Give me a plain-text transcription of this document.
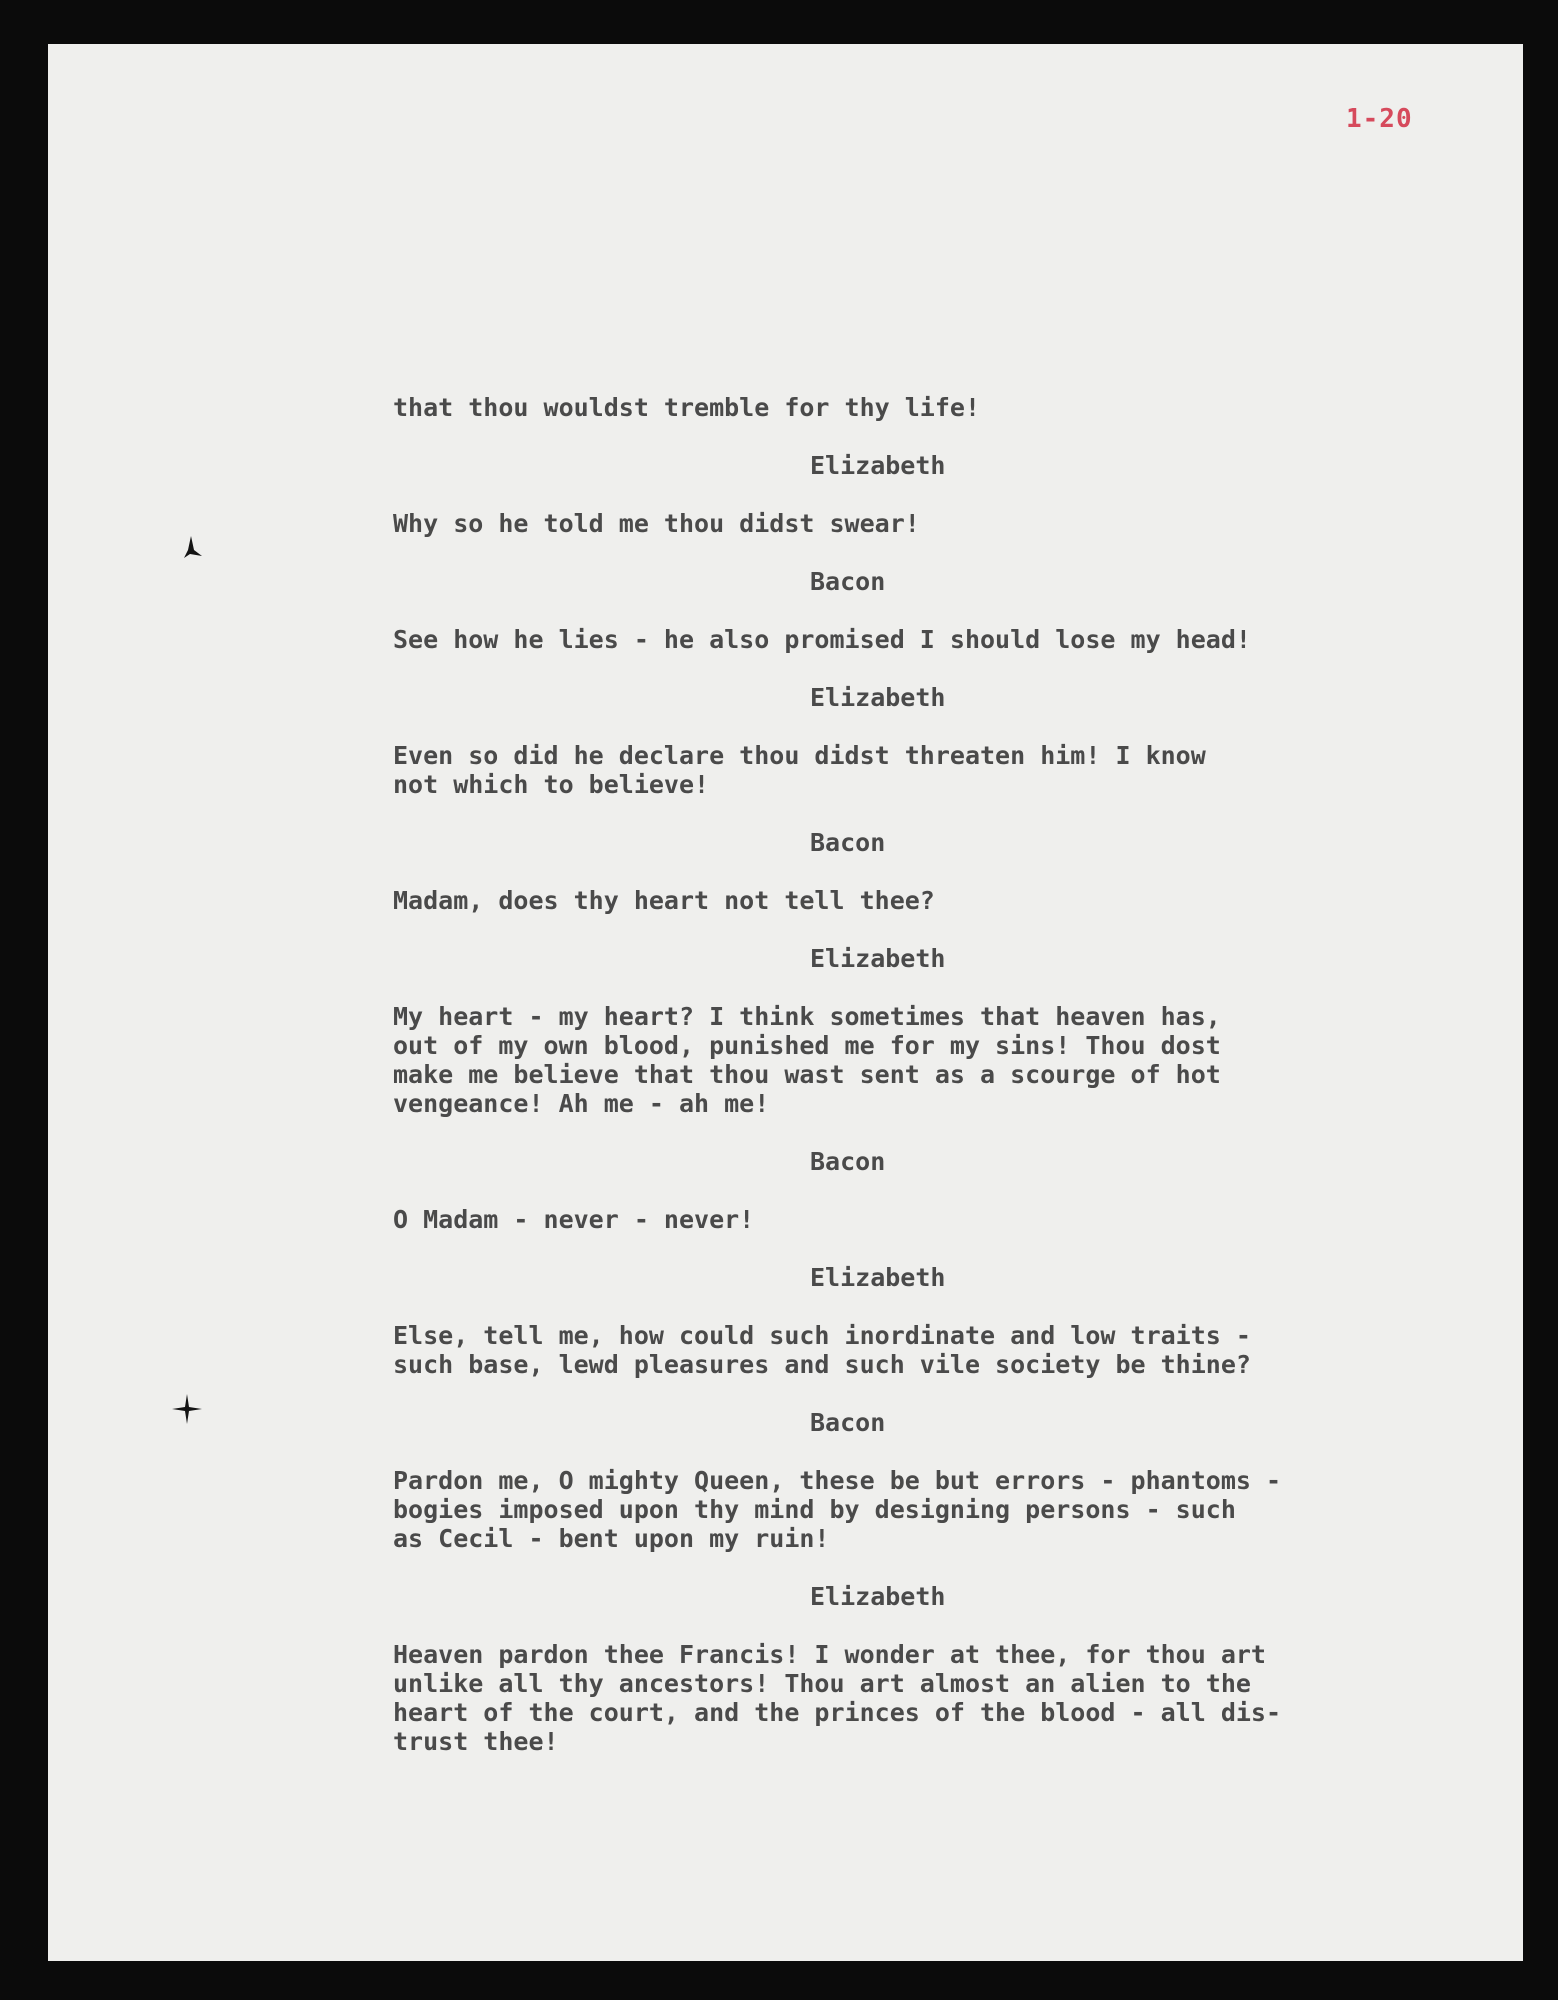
1-20
that thou wouldst tremble for thy life!
Elizabeth
Why so he told me thou didst swear!
Bacon
See how he lies - he also promised I should lose my head!
Elizabeth
Even so did he declare thou didst threaten him! I know
not which to believe!
Bacon
Madam, does thy heart not tell thee?
Elizabeth
My heart - my heart? I think sometimes that heaven has,
out of my own blood, punished me for my sins! Thou dost
make me believe that thou wast sent as a scourge of hot
vengeance! Ah me - ah me!
Bacon
O Madam - never - never!
Elizabeth
Else, tell me, how could such inordinate and low traits -
such base, lewd pleasures and such vile society be thine?
Bacon
Pardon me, O mighty Queen, these be but errors - phantoms -
bogies imposed upon thy mind by designing persons - such
as Cecil - bent upon my ruin!
Elizabeth
Heaven pardon thee Francis! I wonder at thee, for thou art
unlike all thy ancestors! Thou art almost an alien to the
heart of the court, and the princes of the blood - all dis-
trust thee!
